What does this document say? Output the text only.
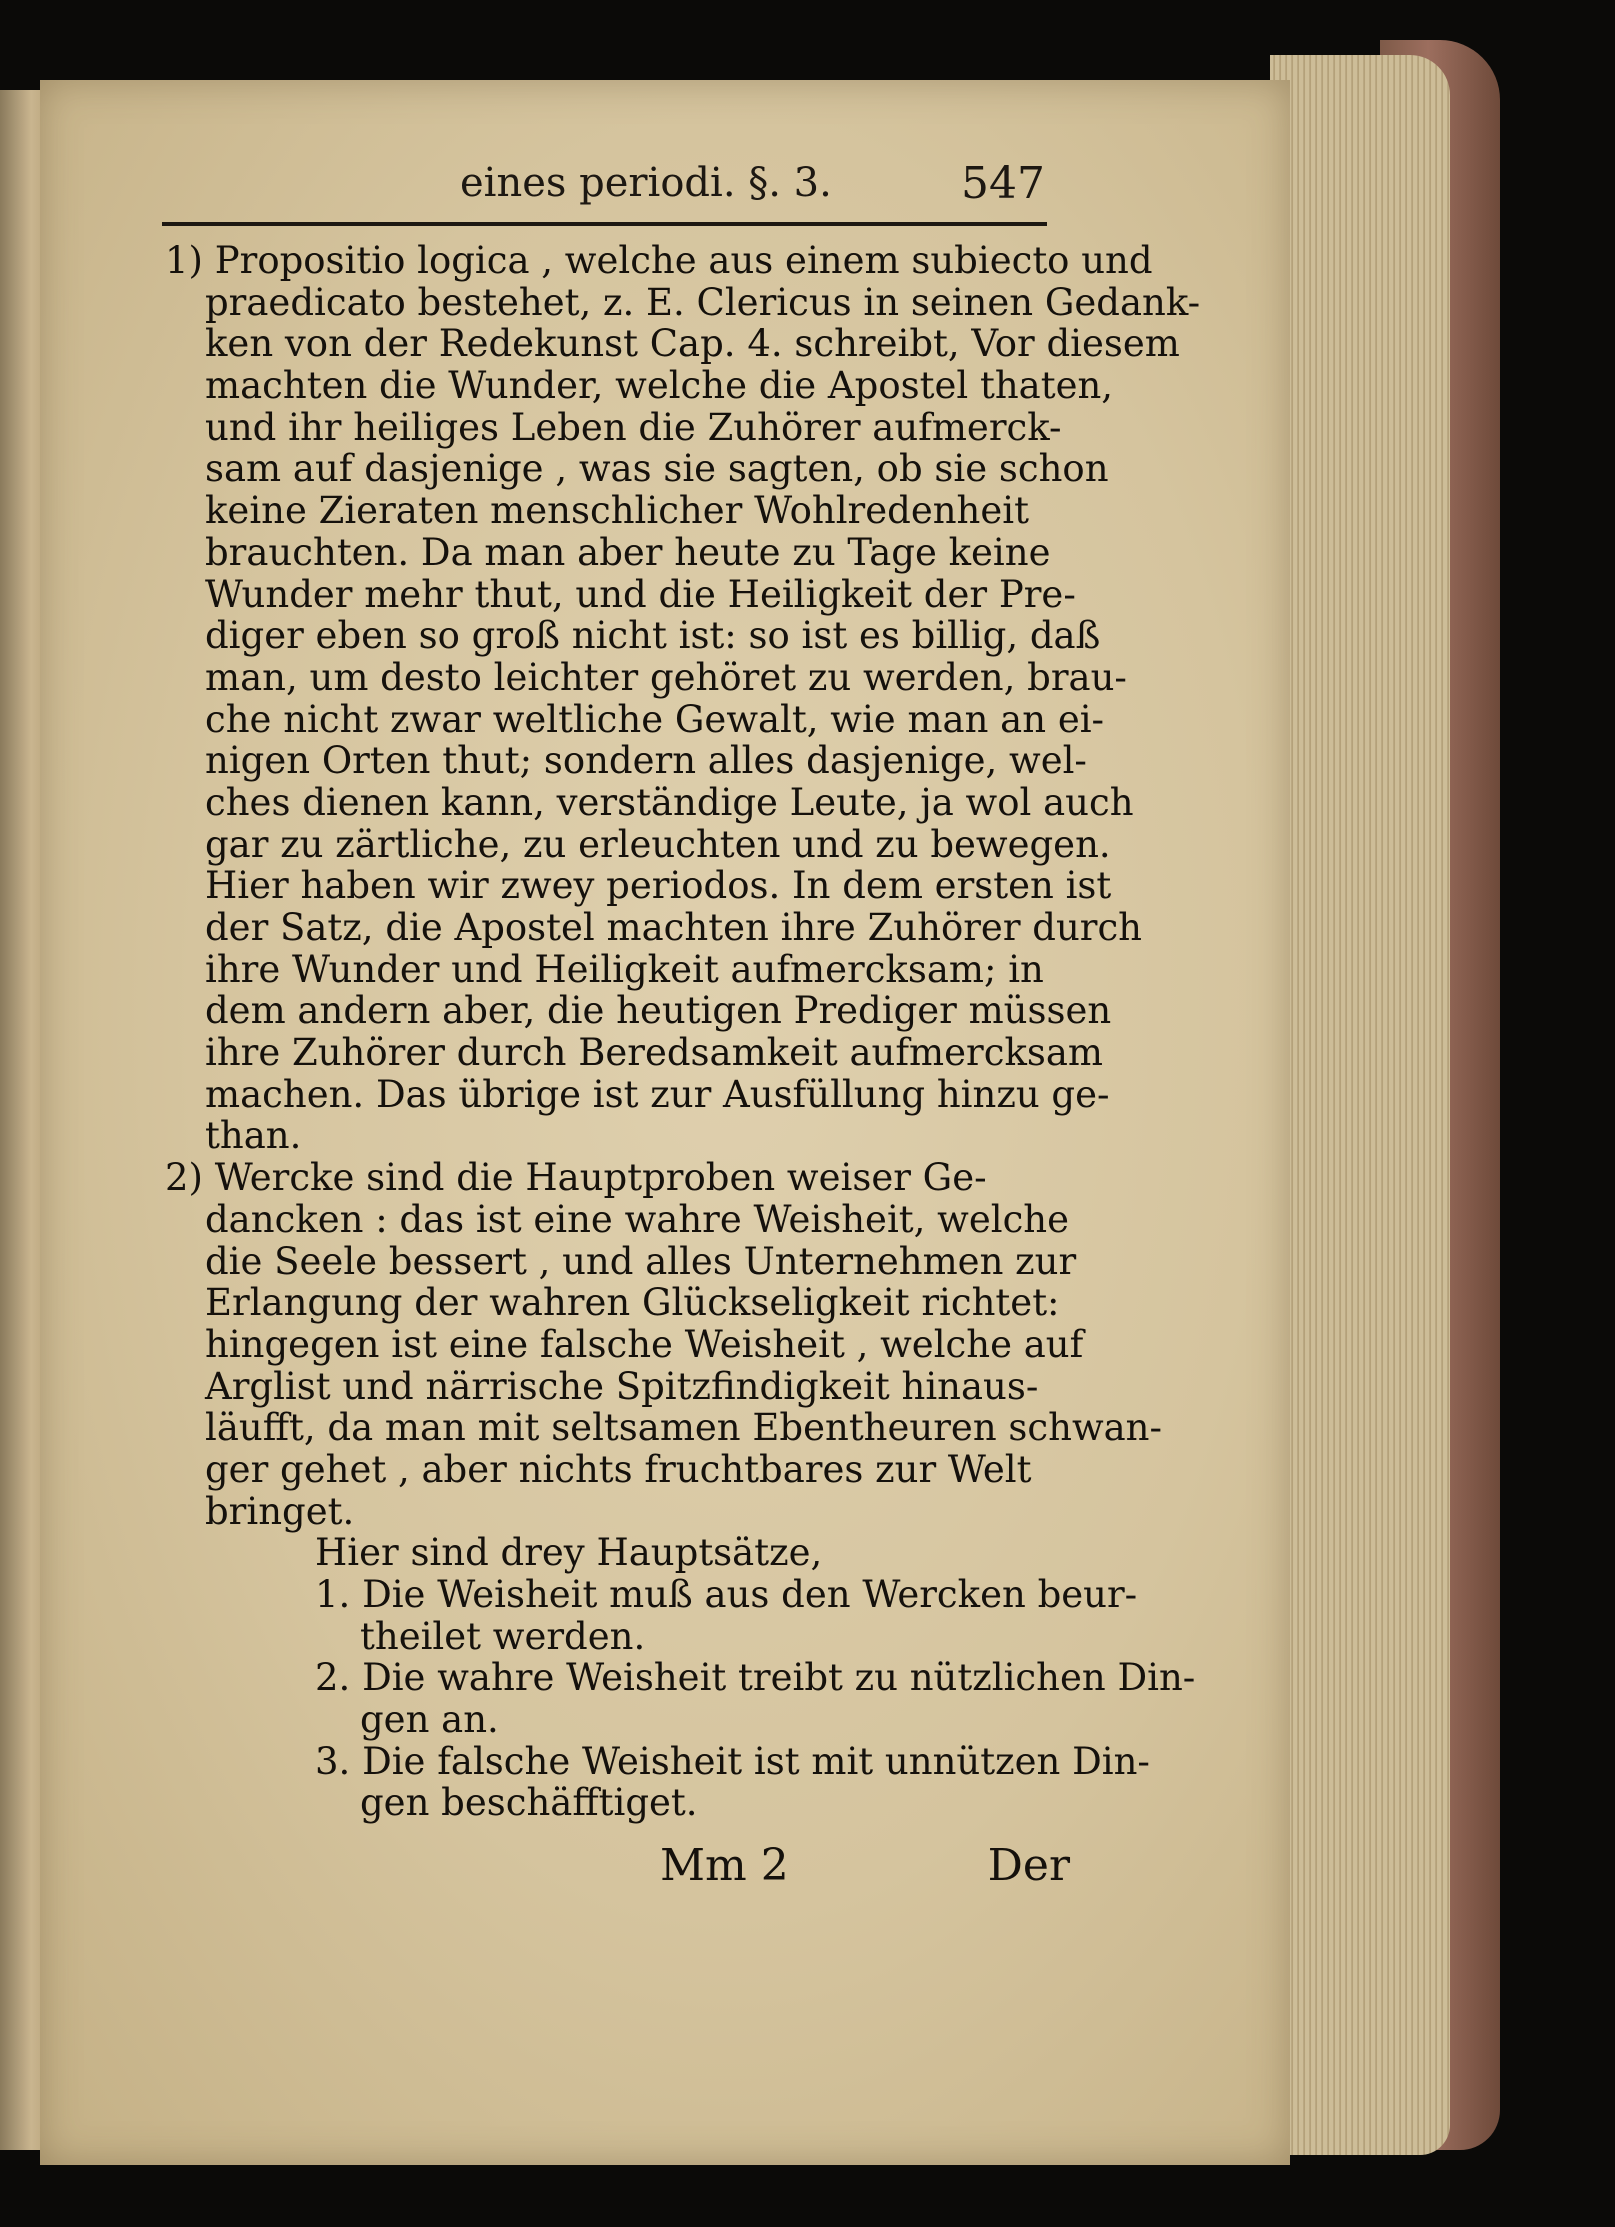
eines periodi. §. 3.	547
1) Propositio logica , welche aus einem subiecto und
praedicato bestehet, z. E. Clericus in seinen Gedank-
ken von der Redekunst Cap. 4. schreibt, Vor diesem
machten die Wunder, welche die Apostel thaten,
und ihr heiliges Leben die Zuhörer aufmerck-
sam auf dasjenige , was sie sagten, ob sie schon
keine Zieraten menschlicher Wohlredenheit
brauchten. Da man aber heute zu Tage keine
Wunder mehr thut, und die Heiligkeit der Pre-
diger eben so groß nicht ist: so ist es billig, daß
man, um desto leichter gehöret zu werden, brau-
che nicht zwar weltliche Gewalt, wie man an ei-
nigen Orten thut; sondern alles dasjenige, wel-
ches dienen kann, verständige Leute, ja wol auch
gar zu zärtliche, zu erleuchten und zu bewegen.
Hier haben wir zwey periodos. In dem ersten ist
der Satz, die Apostel machten ihre Zuhörer durch
ihre Wunder und Heiligkeit aufmercksam; in
dem andern aber, die heutigen Prediger müssen
ihre Zuhörer durch Beredsamkeit aufmercksam
machen. Das übrige ist zur Ausfüllung hinzu ge-
than.
2) Wercke sind die Hauptproben weiser Ge-
dancken : das ist eine wahre Weisheit, welche
die Seele bessert , und alles Unternehmen zur
Erlangung der wahren Glückseligkeit richtet:
hingegen ist eine falsche Weisheit , welche auf
Arglist und närrische Spitzfindigkeit hinaus-
läufft, da man mit seltsamen Ebentheuren schwan-
ger gehet , aber nichts fruchtbares zur Welt
bringet.
Hier sind drey Hauptsätze,
1. Die Weisheit muß aus den Wercken beur-
theilet werden.
2. Die wahre Weisheit treibt zu nützlichen Din-
gen an.
3. Die falsche Weisheit ist mit unnützen Din-
gen beschäfftiget.
Mm 2	Der
